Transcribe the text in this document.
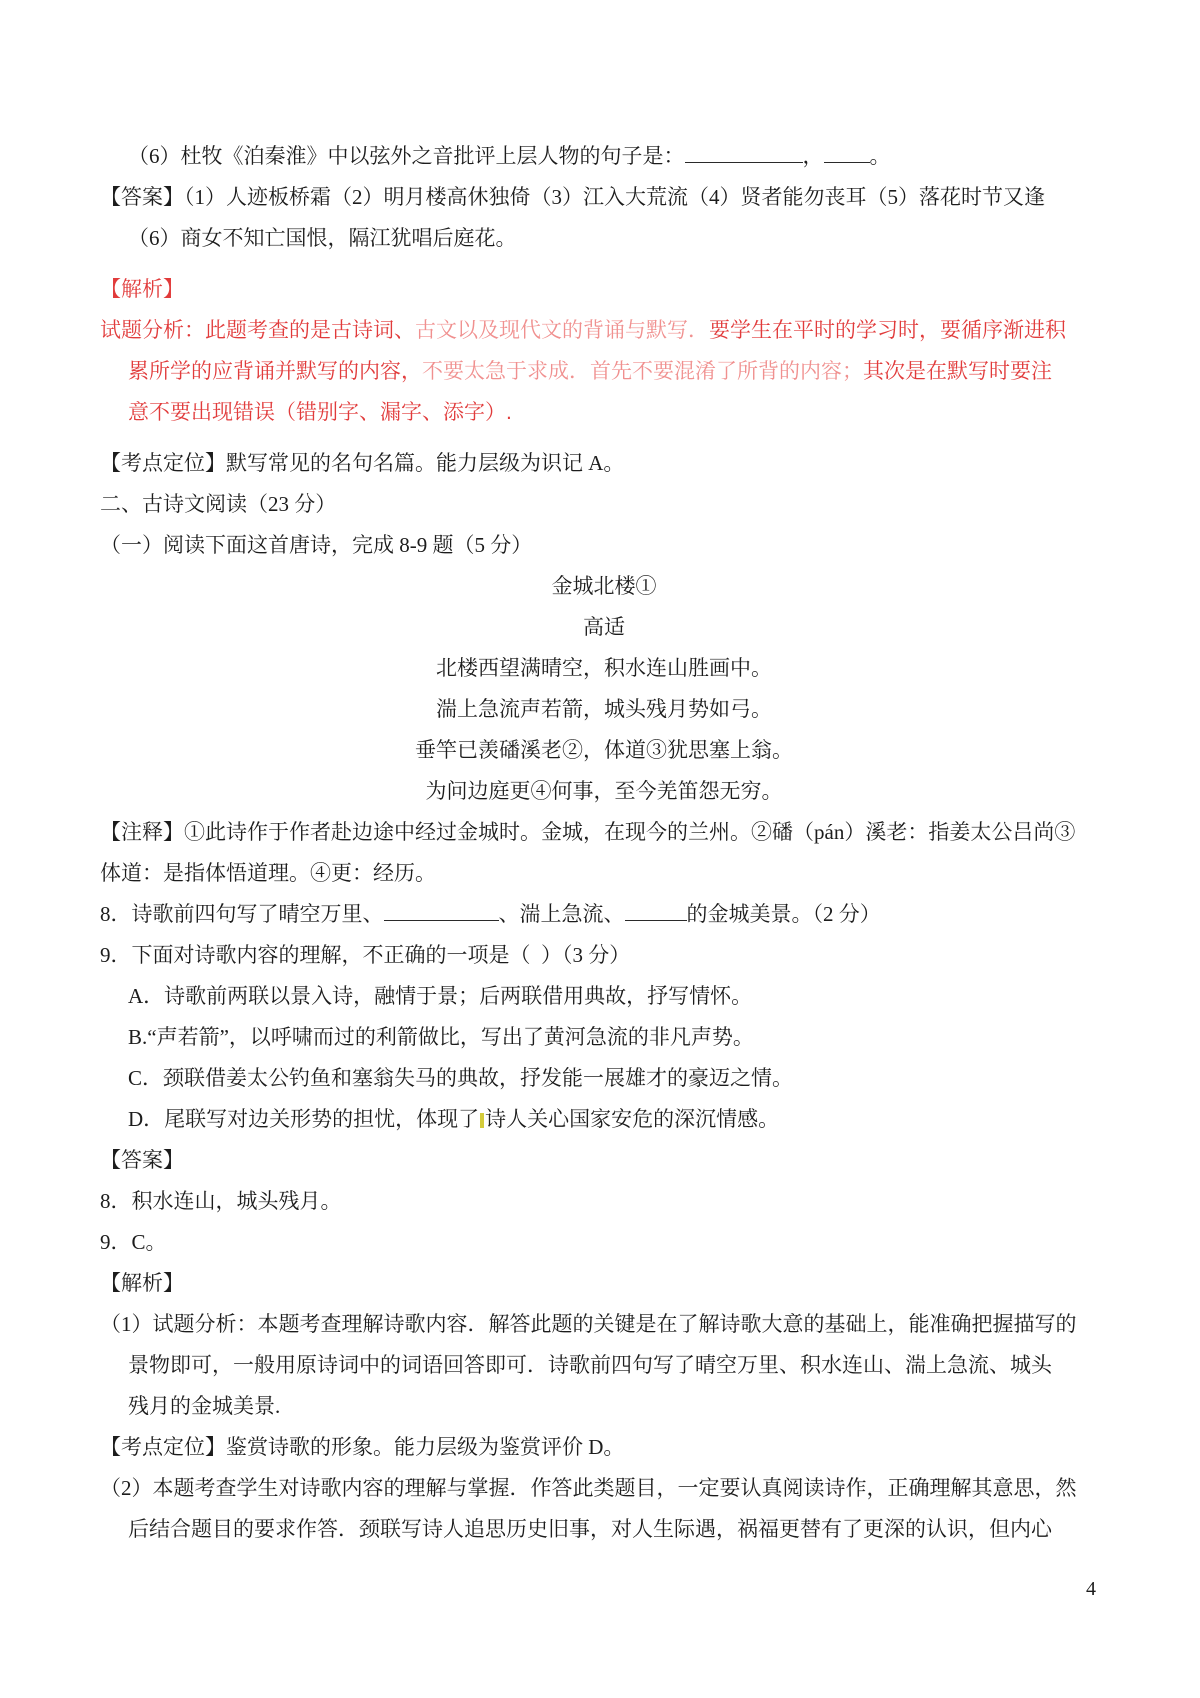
（6）杜牧《泊秦淮》中以弦外之音批评上层人物的句子是：	， 。
【答案】（1）人迹板桥霜（2）明月楼高休独倚（3）江入大荒流（4）贤者能勿丧耳（5）落花时节又逢
（6）商女不知亡国恨，隔江犹唱后庭花。
【解析】
试题分析：此题考查的是古诗词、古文以及现代文的背诵与默写．要学生在平时的学习时，要循序渐进积
累所学的应背诵并默写的内容，不要太急于求成．首先不要混淆了所背的内容；其次是在默写时要注
意不要出现错误（错别字、漏字、添字）.
【考点定位】默写常见的名句名篇。能力层级为识记 A。
二、古诗文阅读（23 分）
（一）阅读下面这首唐诗，完成 8-9 题（5 分）
金城北楼①
高适
北楼西望满晴空，积水连山胜画中。
湍上急流声若箭，城头残月势如弓。
垂竿已羡磻溪老②，体道③犹思塞上翁。
为问边庭更④何事，至今羌笛怨无穷。
【注释】①此诗作于作者赴边途中经过金城时。金城，在现今的兰州。②磻（pán）溪老：指姜太公吕尚③
体道：是指体悟道理。④更：经历。
8．诗歌前四句写了晴空万里、	、湍上急流、	的金城美景。（2 分）
9．下面对诗歌内容的理解，不正确的一项是（  ）（3 分）
A．诗歌前两联以景入诗，融情于景；后两联借用典故，抒写情怀。
B.“声若箭”，以呼啸而过的利箭做比，写出了黄河急流的非凡声势。
C．颈联借姜太公钓鱼和塞翁失马的典故，抒发能一展雄才的豪迈之情。
D．尾联写对边关形势的担忧，体现了 诗人关心国家安危的深沉情感。
【答案】
8．积水连山，城头残月。
9．C。
【解析】
（1）试题分析：本题考查理解诗歌内容．解答此题的关键是在了解诗歌大意的基础上，能准确把握描写的
景物即可，一般用原诗词中的词语回答即可．诗歌前四句写了晴空万里、积水连山、湍上急流、城头
残月的金城美景.
【考点定位】鉴赏诗歌的形象。能力层级为鉴赏评价 D。
（2）本题考查学生对诗歌内容的理解与掌握．作答此类题目，一定要认真阅读诗作，正确理解其意思，然
后结合题目的要求作答．颈联写诗人追思历史旧事，对人生际遇，祸福更替有了更深的认识，但内心
4
